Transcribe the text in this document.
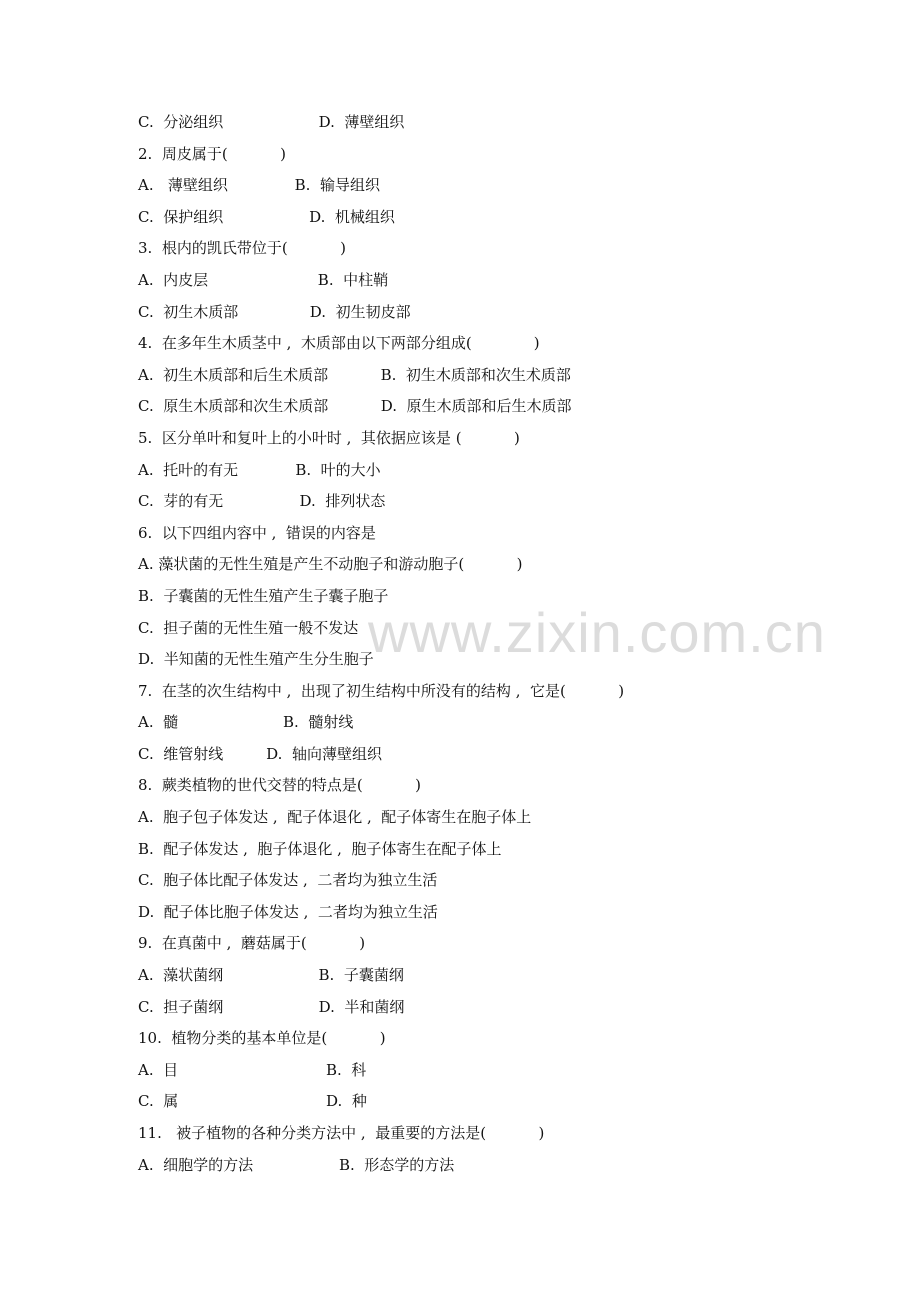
C.  分泌组织                    D.  薄壁组织
2.  周皮属于(           )
A.   薄壁组织              B.  输导组织
C.  保护组织                  D.  机械组织
3.  根内的凯氏带位于(           )
A.  内皮层                       B.  中柱鞘
C.  初生木质部               D.  初生韧皮部
4.  在多年生木质茎中 ,  木质部由以下两部分组成(             )
A.  初生木质部和后生术质部           B.  初生木质部和次生术质部
C.  原生木质部和次生术质部           D.  原生木质部和后生木质部
5.  区分单叶和复叶上的小叶时 ,  其依据应该是 (           )
A.  托叶的有无            B.  叶的大小
C.  芽的有无                D.  排列状态
6.  以下四组内容中 ,  错误的内容是
A. 藻状菌的无性生殖是产生不动胞子和游动胞子(           )
B.  子囊菌的无性生殖产生子囊子胞子
C.  担子菌的无性生殖一般不发达
D.  半知菌的无性生殖产生分生胞子
7.  在茎的次生结构中 ,  出现了初生结构中所没有的结构 ,  它是(           )
A.  髓                      B.  髓射线
C.  维管射线         D.  轴向薄壁组织
8.  蕨类植物的世代交替的特点是(           )
A.  胞子包子体发达 ,  配子体退化 ,  配子体寄生在胞子体上
B.  配子体发达 ,  胞子体退化 ,  胞子体寄生在配子体上
C.  胞子体比配子体发达 ,  二者均为独立生活
D.  配子体比胞子体发达 ,  二者均为独立生活
9.  在真菌中 ,  蘑菇属于(           )
A.  藻状菌纲                    B.  子囊菌纲
C.  担子菌纲                    D.  半和菌纲
10.  植物分类的基本单位是(           )
A.  目                               B.  科
C.  属                               D.  种
11.   被子植物的各种分类方法中 ,  最重要的方法是(           )
A.  细胞学的方法                  B.  形态学的方法
www.zixin.com.cn
